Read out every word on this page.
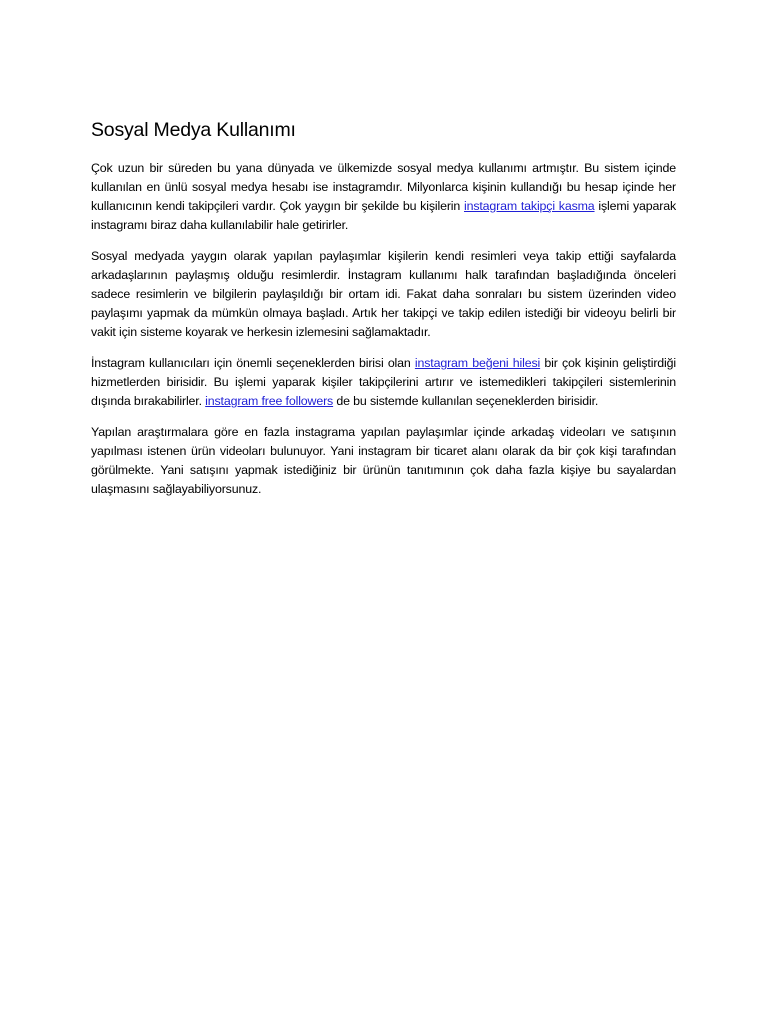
Sosyal Medya Kullanımı

Çok uzun bir süreden bu yana dünyada ve ülkemizde sosyal medya kullanımı artmıştır. Bu sistem içinde kullanılan en ünlü sosyal medya hesabı ise instagramdır. Milyonlarca kişinin kullandığı bu hesap içinde her kullanıcının kendi takipçileri vardır. Çok yaygın bir şekilde bu kişilerin instagram takipçi kasma işlemi yaparak instagramı biraz daha kullanılabilir hale getirirler.

Sosyal medyada yaygın olarak yapılan paylaşımlar kişilerin kendi resimleri veya takip ettiği sayfalarda arkadaşlarının paylaşmış olduğu resimlerdir. İnstagram kullanımı halk tarafından başladığında önceleri sadece resimlerin ve bilgilerin paylaşıldığı bir ortam idi. Fakat daha sonraları bu sistem üzerinden video paylaşımı yapmak da mümkün olmaya başladı. Artık her takipçi ve takip edilen istediği bir videoyu belirli bir vakit için sisteme koyarak ve herkesin izlemesini sağlamaktadır.

İnstagram kullanıcıları için önemli seçeneklerden birisi olan instagram beğeni hilesi bir çok kişinin geliştirdiği hizmetlerden birisidir. Bu işlemi yaparak kişiler takipçilerini artırır ve istemedikleri takipçileri sistemlerinin dışında bırakabilirler. instagram free followers de bu sistemde kullanılan seçeneklerden birisidir.

Yapılan araştırmalara göre en fazla instagrama yapılan paylaşımlar içinde arkadaş videoları ve satışının yapılması istenen ürün videoları bulunuyor. Yani instagram bir ticaret alanı olarak da bir çok kişi tarafından görülmekte. Yani satışını yapmak istediğiniz bir ürünün tanıtımının çok daha fazla kişiye bu sayalardan ulaşmasını sağlayabiliyorsunuz.
